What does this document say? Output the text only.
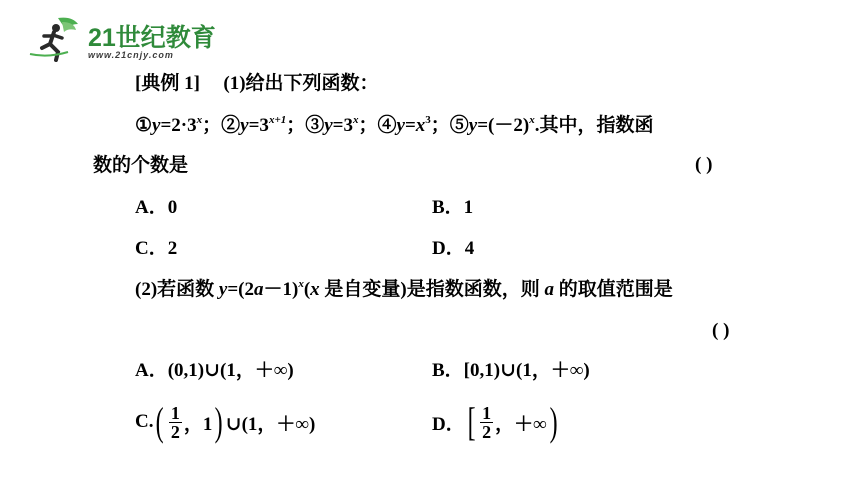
21世纪教育
www.21cnjy.com
[典例 1] (1)给出下列函数：
$①y=2\cdot 3^x$；$②y=3^{x+1}$；$③y=3^x$；$④y=x^3$；$⑤y=(-2)^x$.其中，指数函
数的个数是	( )
A．0	B．1
C．2	D．4
(2)若函数 $y=(2a-1)^x(x$ 是自变量)是指数函数，则 a 的取值范围是
( )
A．(0,1)∪(1，＋∞)	B．[0,1)∪(1，＋∞)
C. ( $\frac{1}{2}$ ，1 ) ∪(1，＋∞)	D． [ $\frac{1}{2}$ ，＋∞ )
